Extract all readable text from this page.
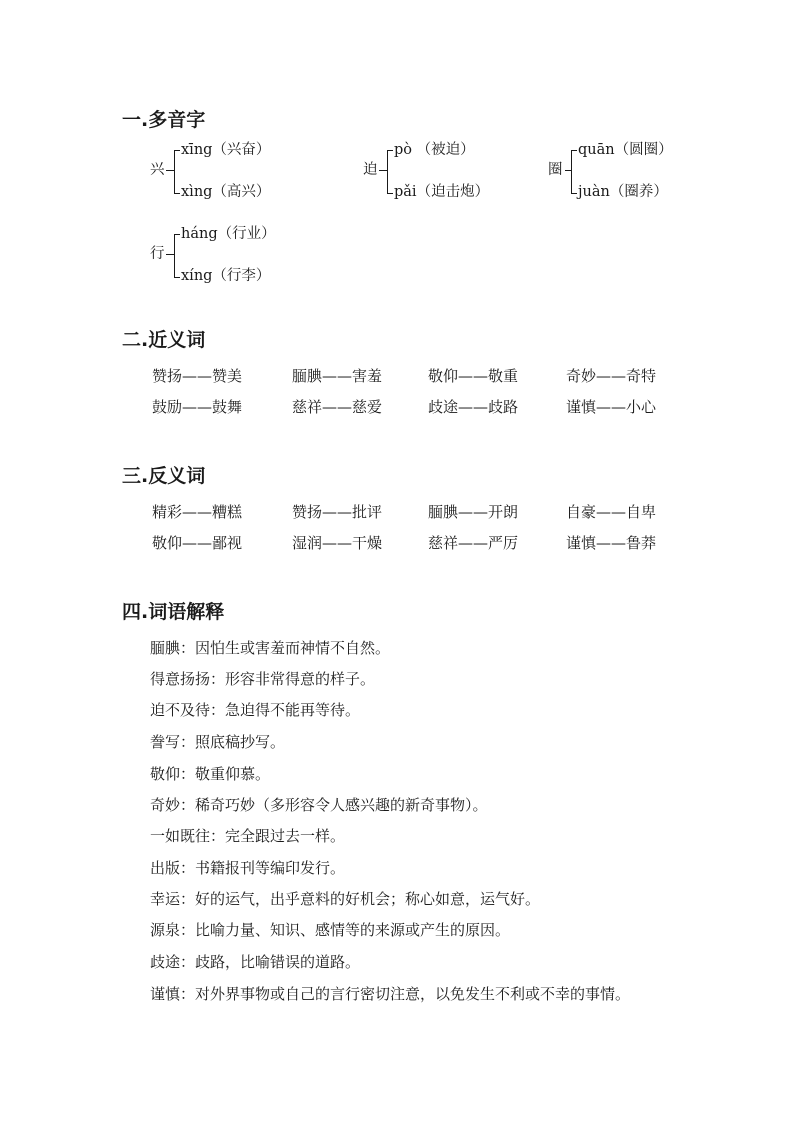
一.多音字
兴
xīng（兴奋）
xìng（高兴）
迫
pò （被迫）
pǎi（迫击炮）
圈
quān（圆圈）
juàn（圈养）
行
háng（行业）
xíng（行李）
二.近义词
赞扬——赞美	腼腆——害羞	敬仰——敬重	奇妙——奇特
鼓励——鼓舞	慈祥——慈爱	歧途——歧路	谨慎——小心
三.反义词
精彩——糟糕	赞扬——批评	腼腆——开朗	自豪——自卑
敬仰——鄙视	湿润——干燥	慈祥——严厉	谨慎——鲁莽
四.词语解释
腼腆：因怕生或害羞而神情不自然。
得意扬扬：形容非常得意的样子。
迫不及待：急迫得不能再等待。
誊写：照底稿抄写。
敬仰：敬重仰慕。
奇妙：稀奇巧妙（多形容令人感兴趣的新奇事物）。
一如既往：完全跟过去一样。
出版：书籍报刊等编印发行。
幸运：好的运气，出乎意料的好机会；称心如意，运气好。
源泉：比喻力量、知识、感情等的来源或产生的原因。
歧途：歧路，比喻错误的道路。
谨慎：对外界事物或自己的言行密切注意，以免发生不利或不幸的事情。
